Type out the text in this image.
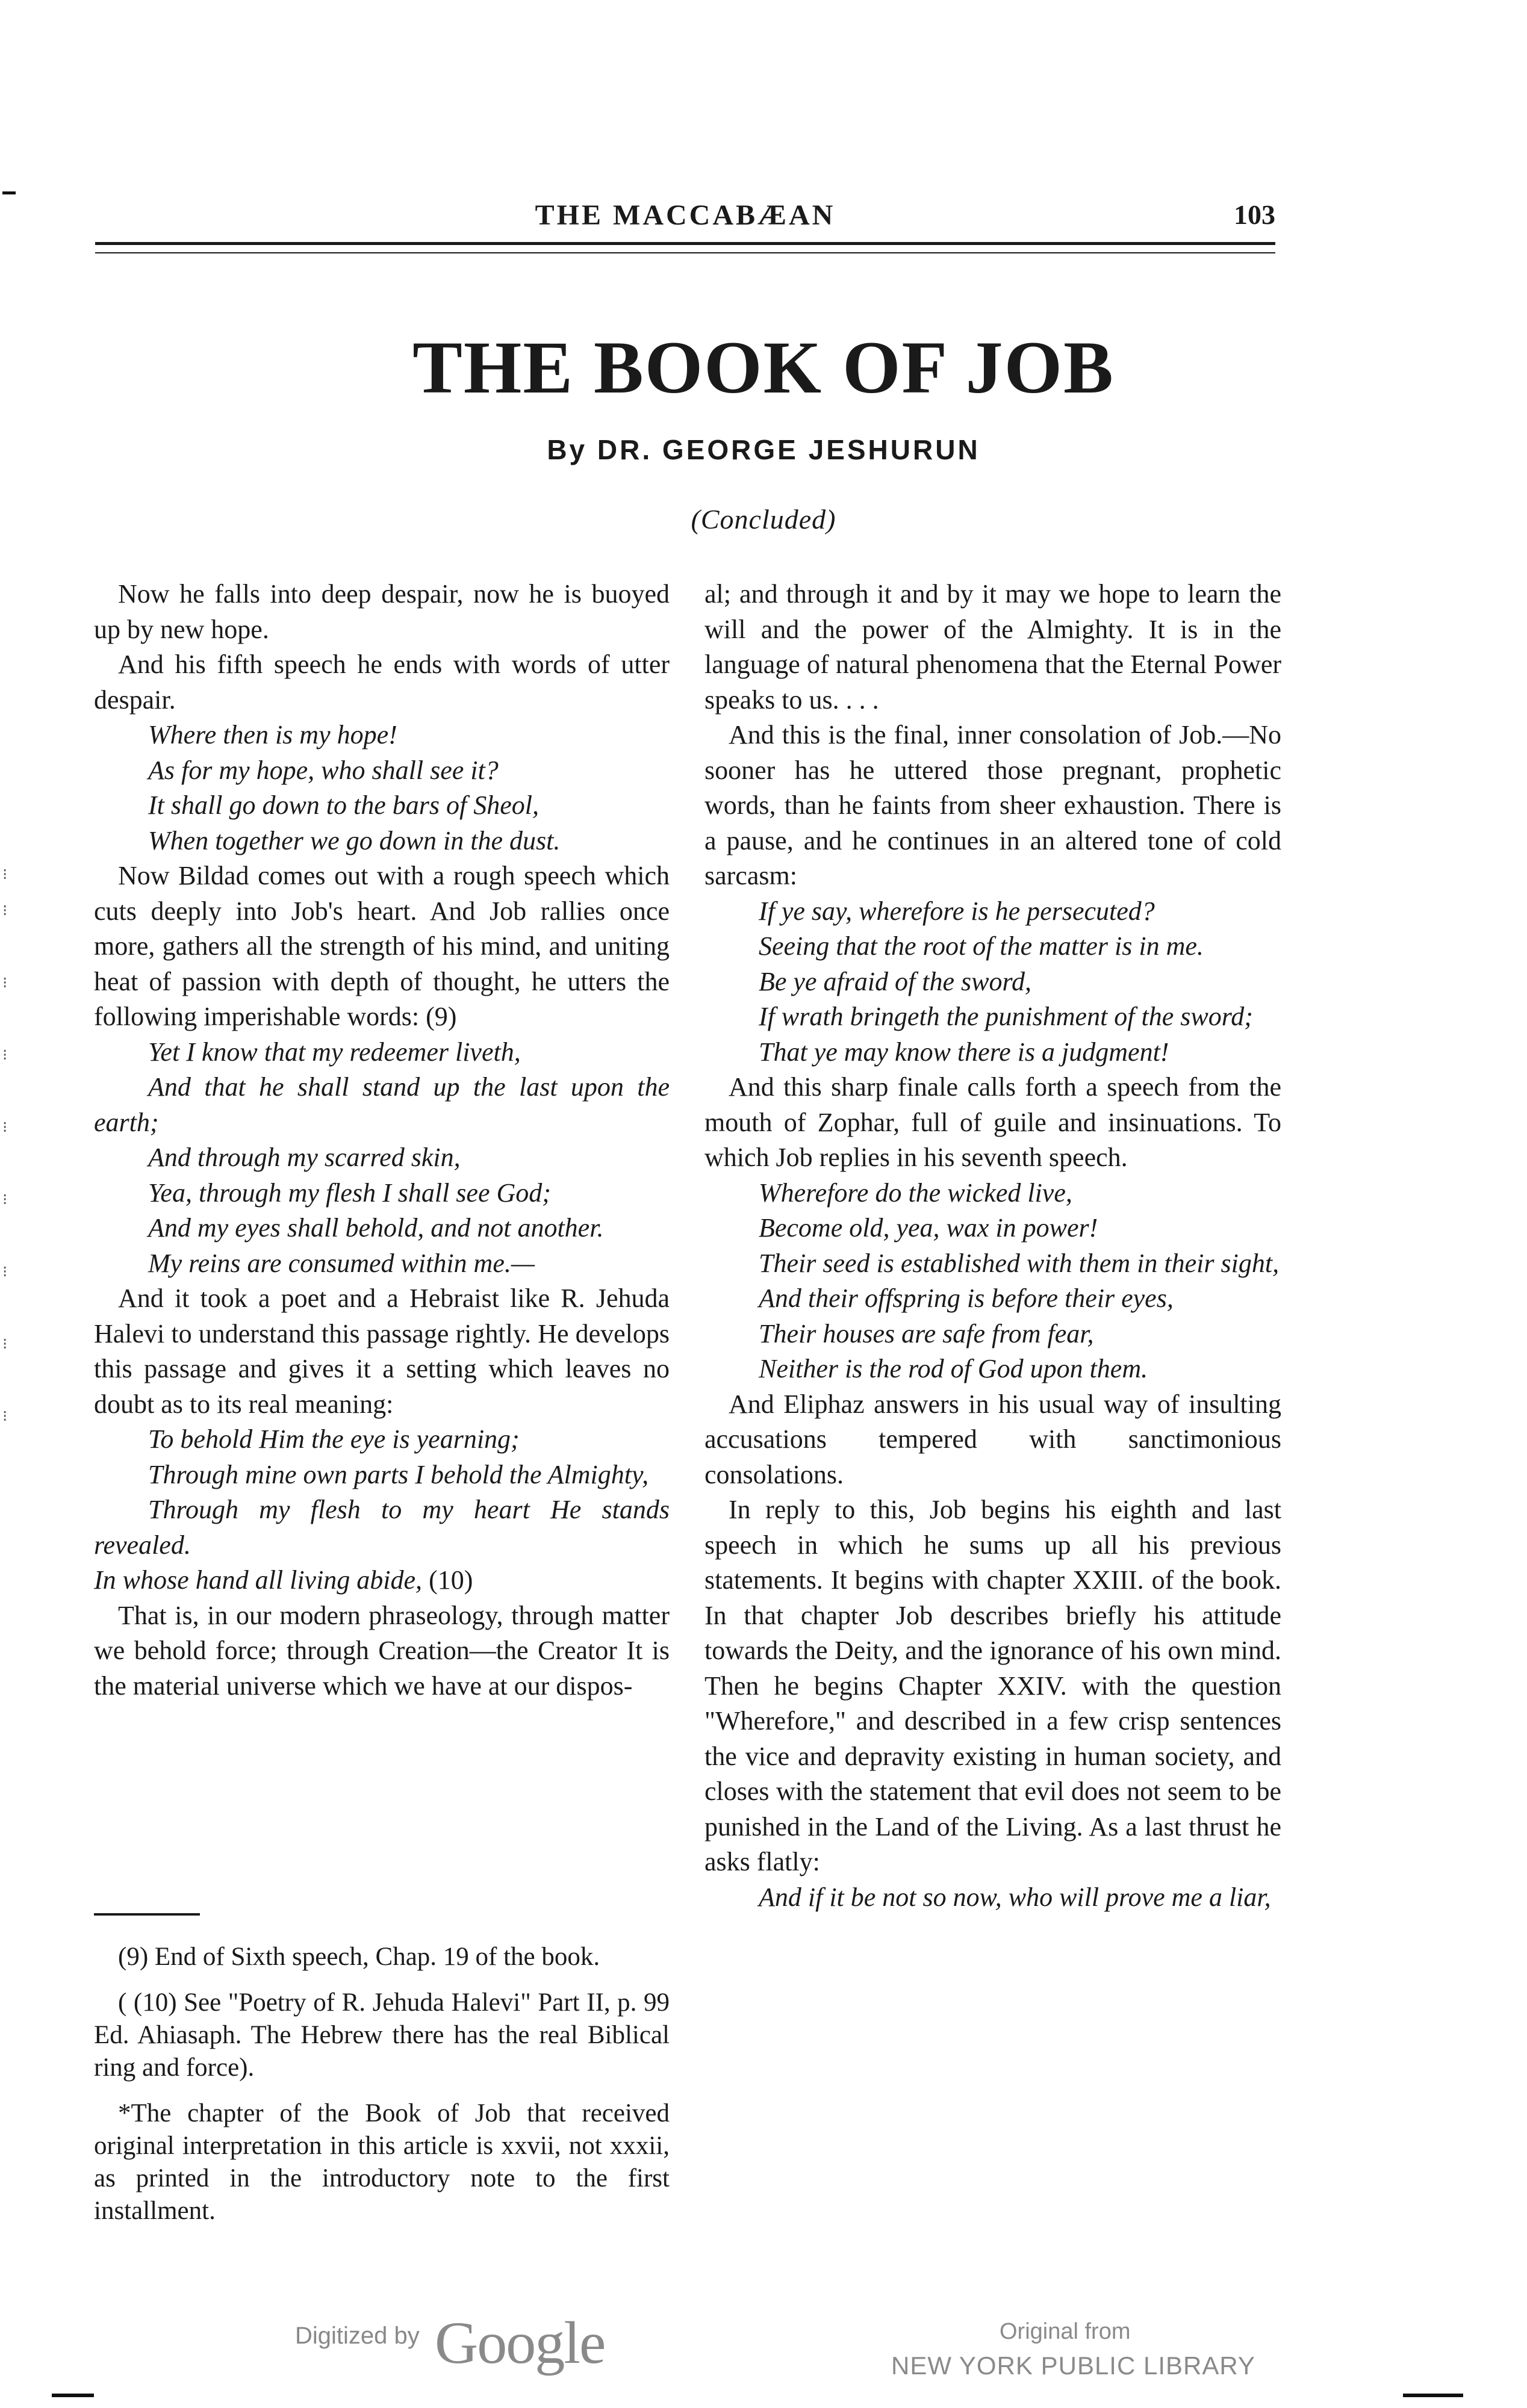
⁝
⁝
⁝
⁝
⁝
⁝
⁝
⁝
⁝
THE MACCABÆAN	103
THE BOOK OF JOB
By DR. GEORGE JESHURUN
(Concluded)

Now he falls into deep despair, now he is buoyed up by new hope.

And his fifth speech he ends with words of utter despair.

Where then is my hope!

As for my hope, who shall see it?

It shall go down to the bars of Sheol,

When together we go down in the dust.

Now Bildad comes out with a rough speech which cuts deeply into Job's heart. And Job rallies once more, gathers all the strength of his mind, and uniting heat of passion with depth of thought, he utters the following imperishable words: (9)

Yet I know that my redeemer liveth,

And that he shall stand up the last upon the earth;

And through my scarred skin,

Yea, through my flesh I shall see God;

And my eyes shall behold, and not another.

My reins are consumed within me.—

And it took a poet and a Hebraist like R. Jehuda Halevi to understand this passage rightly. He develops this passage and gives it a setting which leaves no doubt as to its real meaning:

To behold Him the eye is yearning;

Through mine own parts I behold the Almighty,

Through my flesh to my heart He stands revealed.

In whose hand all living abide, (10)

That is, in our modern phraseology, through matter we behold force; through Creation—the Creator It is the material universe which we have at our dispos-

al; and through it and by it may we hope to learn the will and the power of the Almighty. It is in the language of natural phenomena that the Eternal Power speaks to us. . . .

And this is the final, inner consolation of Job.—No sooner has he uttered those pregnant, prophetic words, than he faints from sheer exhaustion. There is a pause, and he continues in an altered tone of cold sarcasm:

If ye say, wherefore is he persecuted?

Seeing that the root of the matter is in me.

Be ye afraid of the sword,

If wrath bringeth the punishment of the sword;

That ye may know there is a judgment!

And this sharp finale calls forth a speech from the mouth of Zophar, full of guile and insinuations. To which Job replies in his seventh speech.

Wherefore do the wicked live,

Become old, yea, wax in power!

Their seed is established with them in their sight,

And their offspring is before their eyes,

Their houses are safe from fear,

Neither is the rod of God upon them.

And Eliphaz answers in his usual way of insulting accusations tempered with sanctimonious consolations.

In reply to this, Job begins his eighth and last speech in which he sums up all his previous statements. It begins with chapter XXIII. of the book. In that chapter Job describes briefly his attitude towards the Deity, and the ignorance of his own mind. Then he begins Chapter XXIV. with the question "Wherefore," and described in a few crisp sentences the vice and depravity existing in human society, and closes with the statement that evil does not seem to be punished in the Land of the Living. As a last thrust he asks flatly:

And if it be not so now, who will prove me a liar,

(9) End of Sixth speech, Chap. 19 of the book.

( (10) See "Poetry of R. Jehuda Halevi" Part II, p. 99 Ed. Ahiasaph. The Hebrew there has the real Biblical ring and force).

*The chapter of the Book of Job that received original interpretation in this article is xxvii, not xxxii, as printed in the introductory note to the first installment.

Digitized by Google	Original from
NEW YORK PUBLIC LIBRARY
